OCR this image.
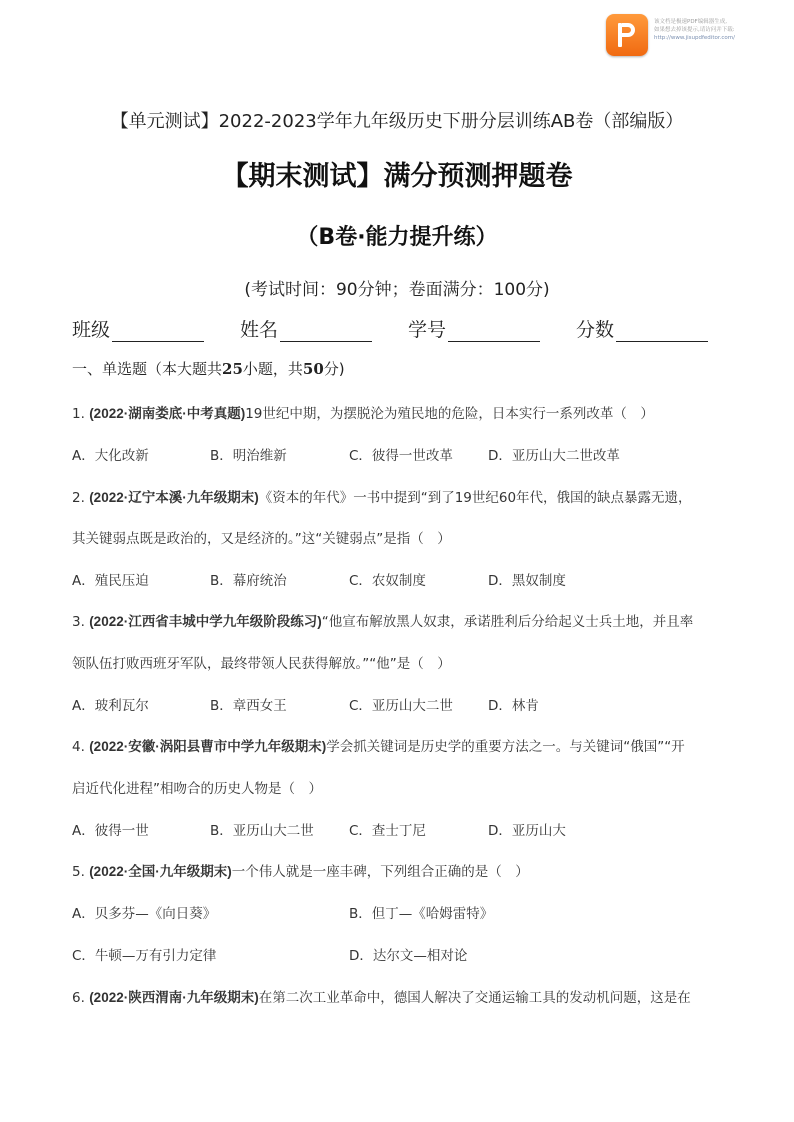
该文档是极速PDF编辑器生成,
如果想去掉该提示,请访问并下载:
http://www.jisupdfeditor.com/
【单元测试】2022-2023学年九年级历史下册分层训练AB卷（部编版）
【期末测试】满分预测押题卷
（B卷·能力提升练）
(考试时间：90分钟；卷面满分：100分)
班级	姓名	学号	分数
一、单选题（本大题共25小题，共50分)
1. (2022·湖南娄底·中考真题)19世纪中期，为摆脱沦为殖民地的危险，日本实行一系列改革（　）
A．大化改新	B．明治维新	C．彼得一世改革	D．亚历山大二世改革
2. (2022·辽宁本溪·九年级期末)《资本的年代》一书中提到“到了19世纪60年代，俄国的缺点暴露无遗，
其关键弱点既是政治的，又是经济的。”这“关键弱点”是指（　）
A．殖民压迫	B．幕府统治	C．农奴制度	D．黑奴制度
3. (2022·江西省丰城中学九年级阶段练习)“他宣布解放黑人奴隶，承诺胜利后分给起义士兵土地，并且率
领队伍打败西班牙军队，最终带领人民获得解放。”“他”是（　）
A．玻利瓦尔	B．章西女王	C．亚历山大二世	D．林肯
4. (2022·安徽·涡阳县曹市中学九年级期末)学会抓关键词是历史学的重要方法之一。与关键词“俄国”“开
启近代化进程”相吻合的历史人物是（　）
A．彼得一世	B．亚历山大二世	C．查士丁尼	D．亚历山大
5. (2022·全国·九年级期末)一个伟人就是一座丰碑，下列组合正确的是（　）
A．贝多芬—《向日葵》	B．但丁—《哈姆雷特》
C．牛顿—万有引力定律	D．达尔文—相对论
6. (2022·陕西渭南·九年级期末)在第二次工业革命中，德国人解决了交通运输工具的发动机问题，这是在
